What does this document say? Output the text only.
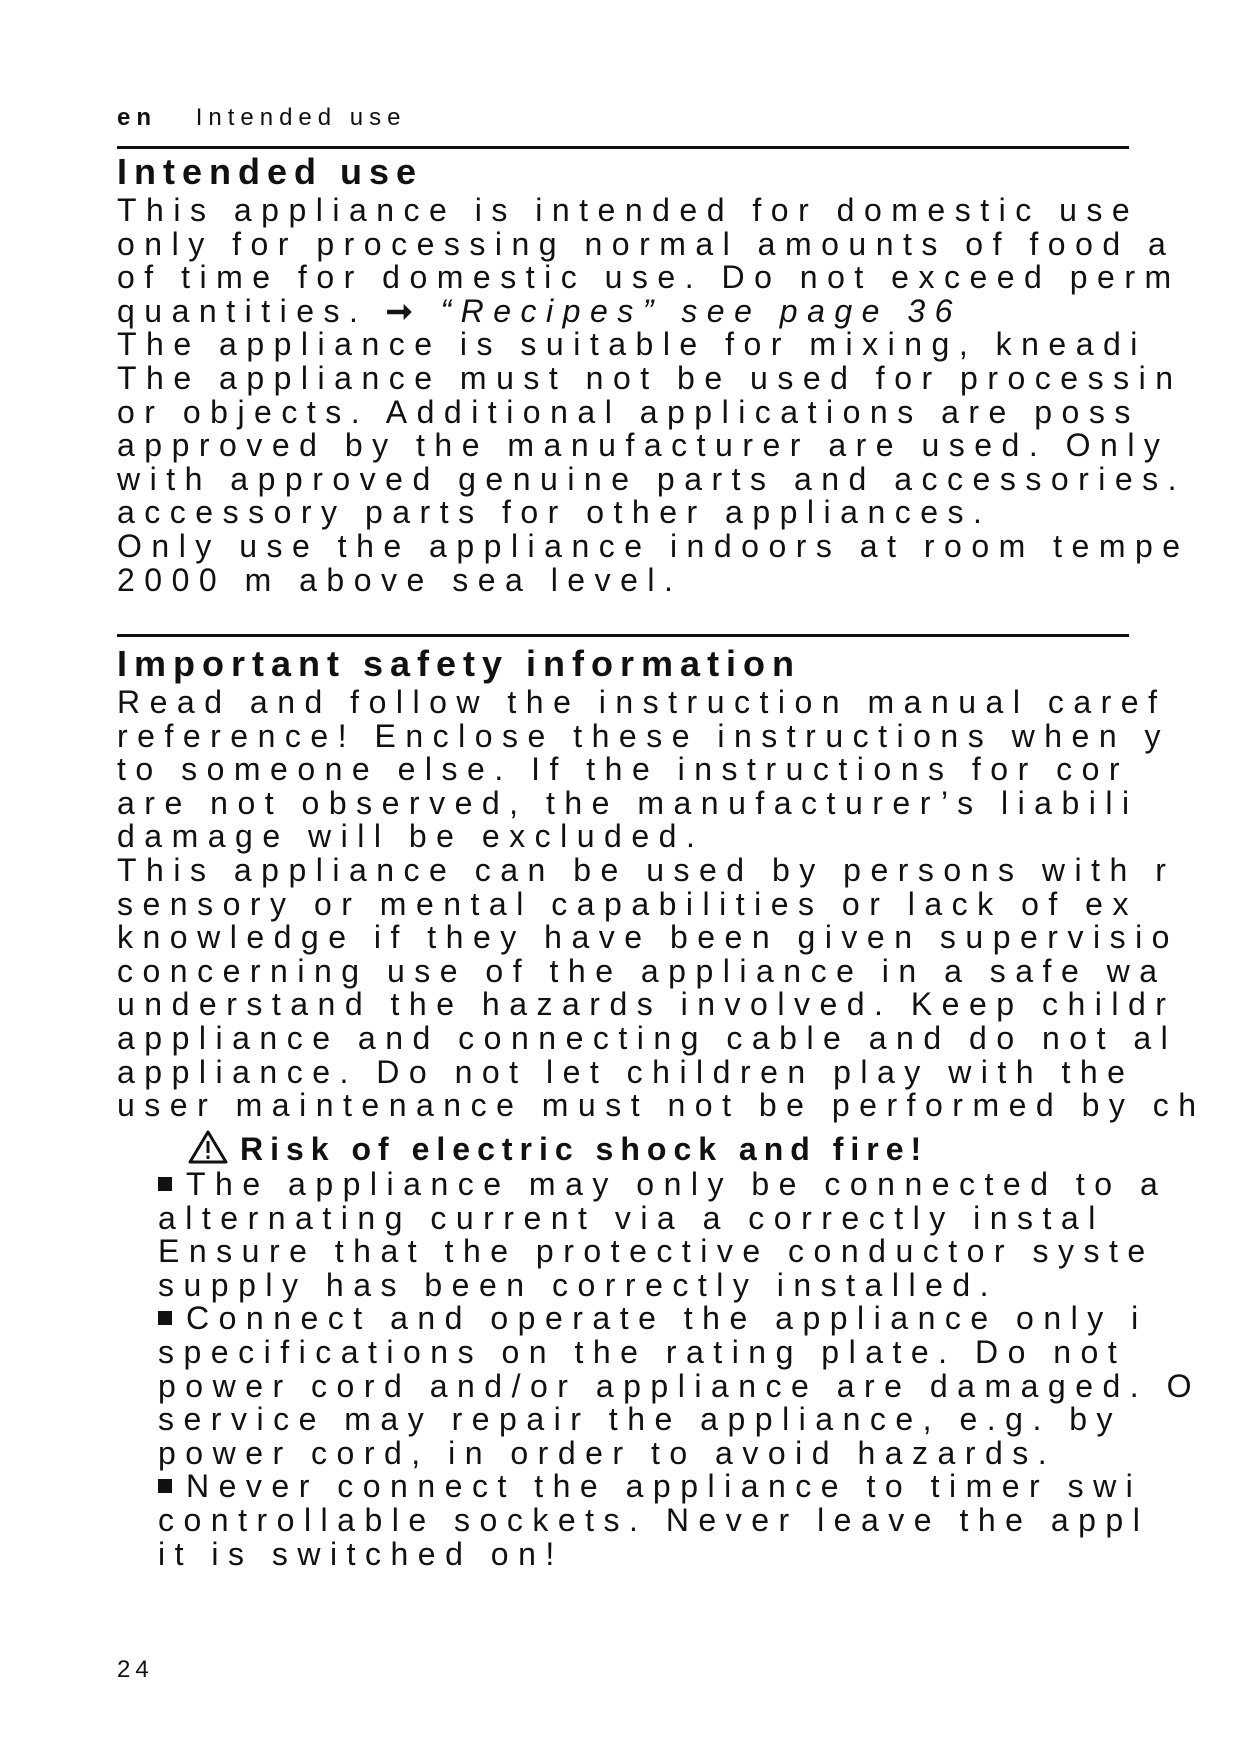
en Intended use
Intended use
This appliance is intended for domestic use
only for processing normal amounts of food a
of time for domestic use. Do not exceed perm
quantities. ➞ “Recipes” see page 36
The appliance is suitable for mixing, kneadi
The appliance must not be used for processin
or objects. Additional applications are poss
approved by the manufacturer are used. Only
with approved genuine parts and accessories.
accessory parts for other appliances.
Only use the appliance indoors at room tempe
2000 m above sea level.
Important safety information
Read and follow the instruction manual caref
reference! Enclose these instructions when y
to someone else. If the instructions for cor
are not observed, the manufacturer’s liabili
damage will be excluded.
This appliance can be used by persons with r
sensory or mental capabilities or lack of ex
knowledge if they have been given supervisio
concerning use of the appliance in a safe wa
understand the hazards involved. Keep childr
appliance and connecting cable and do not al
appliance. Do not let children play with the
user maintenance must not be performed by ch
Risk of electric shock and fire!
The appliance may only be connected to a
alternating current via a correctly instal
Ensure that the protective conductor syste
supply has been correctly installed.
Connect and operate the appliance only i
specifications on the rating plate. Do not
power cord and/or appliance are damaged. O
service may repair the appliance, e.g. by
power cord, in order to avoid hazards.
Never connect the appliance to timer swi
controllable sockets. Never leave the appl
it is switched on!
24
